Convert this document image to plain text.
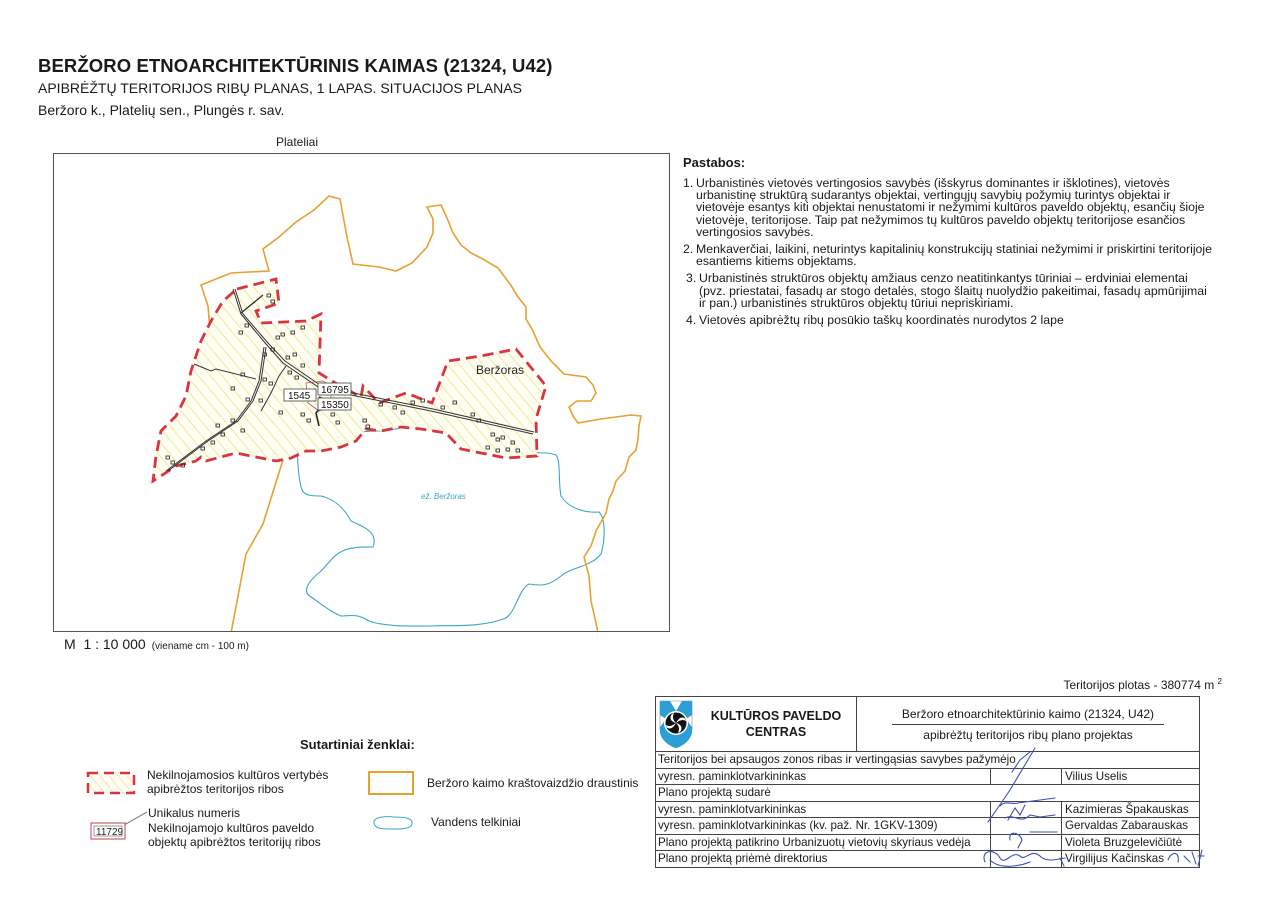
BERŽORO ETNOARCHITEKTŪRINIS KAIMAS (21324, U42)
APIBRĖŽTŲ TERITORIJOS RIBŲ PLANAS, 1 LAPAS. SITUACIJOS PLANAS
Beržoro k., Platelių sen., Plungės r. sav.
Plateliai
1545
16795
15350
Beržoras
ež. Beržoras
M  1 : 10 000 (viename cm - 100 m)
Pastabos:
1. Urbanistinės vietovės vertingosios savybės (išskyrus dominantes ir išklotines), vietovės urbanistinę struktūrą sudarantys objektai, vertingųjų savybių požymių turintys objektai ir vietovėje esantys kiti objektai nenustatomi ir nežymimi kultūros paveldo objektų, esančių šioje vietovėje, teritorijose. Taip pat nežymimos tų kultūros paveldo objektų teritorijose esančios vertingosios savybės.
2. Menkaverčiai, laikini, neturintys kapitalinių konstrukcijų statiniai nežymimi ir priskirtini teritorijoje esantiems kitiems objektams.
3. Urbanistinės struktūros objektų amžiaus cenzo neatitinkantys tūriniai – erdviniai elementai (pvz. priestatai, fasadų ar stogo detalės, stogo šlaitų nuolydžio pakeitimai, fasadų apmūrijimai ir pan.) urbanistinės struktūros objektų tūriui nepriskiriami.
4. Vietovės apibrėžtų ribų posūkio taškų koordinatės nurodytos 2 lape
Teritorijos plotas - 380774 m $^2$
Sutartiniai ženklai:
Nekilnojamosios kultūros vertybės
apibrėžtos teritorijos ribos	Beržoro kaimo kraštovaizdžio draustinis
Unikalus numeris
11729 Nekilnojamojo kultūros paveldo
objektų apibrėžtos teritorijų ribos
Vandens telkiniai
KULTŪROS PAVELDO
CENTRAS
Beržoro etnoarchitektūrinio kaimo (21324, U42)
apibrėžtų teritorijos ribų plano projektas
Teritorijos bei apsaugos zonos ribas ir vertingąsias savybes pažymėjo
vyresn. paminklotvarkininkas	Vilius Uselis
Plano projektą sudarė
vyresn. paminklotvarkininkas	Kazimieras Špakauskas
vyresn. paminklotvarkininkas (kv. paž. Nr. 1GKV-1309)	Gervaldas Zabarauskas
Plano projektą patikrino Urbanizuotų vietovių skyriaus vedėja	Violeta Bruzgelevičiūtė
Plano projektą priėmė direktorius	Virgilijus Kačinskas
